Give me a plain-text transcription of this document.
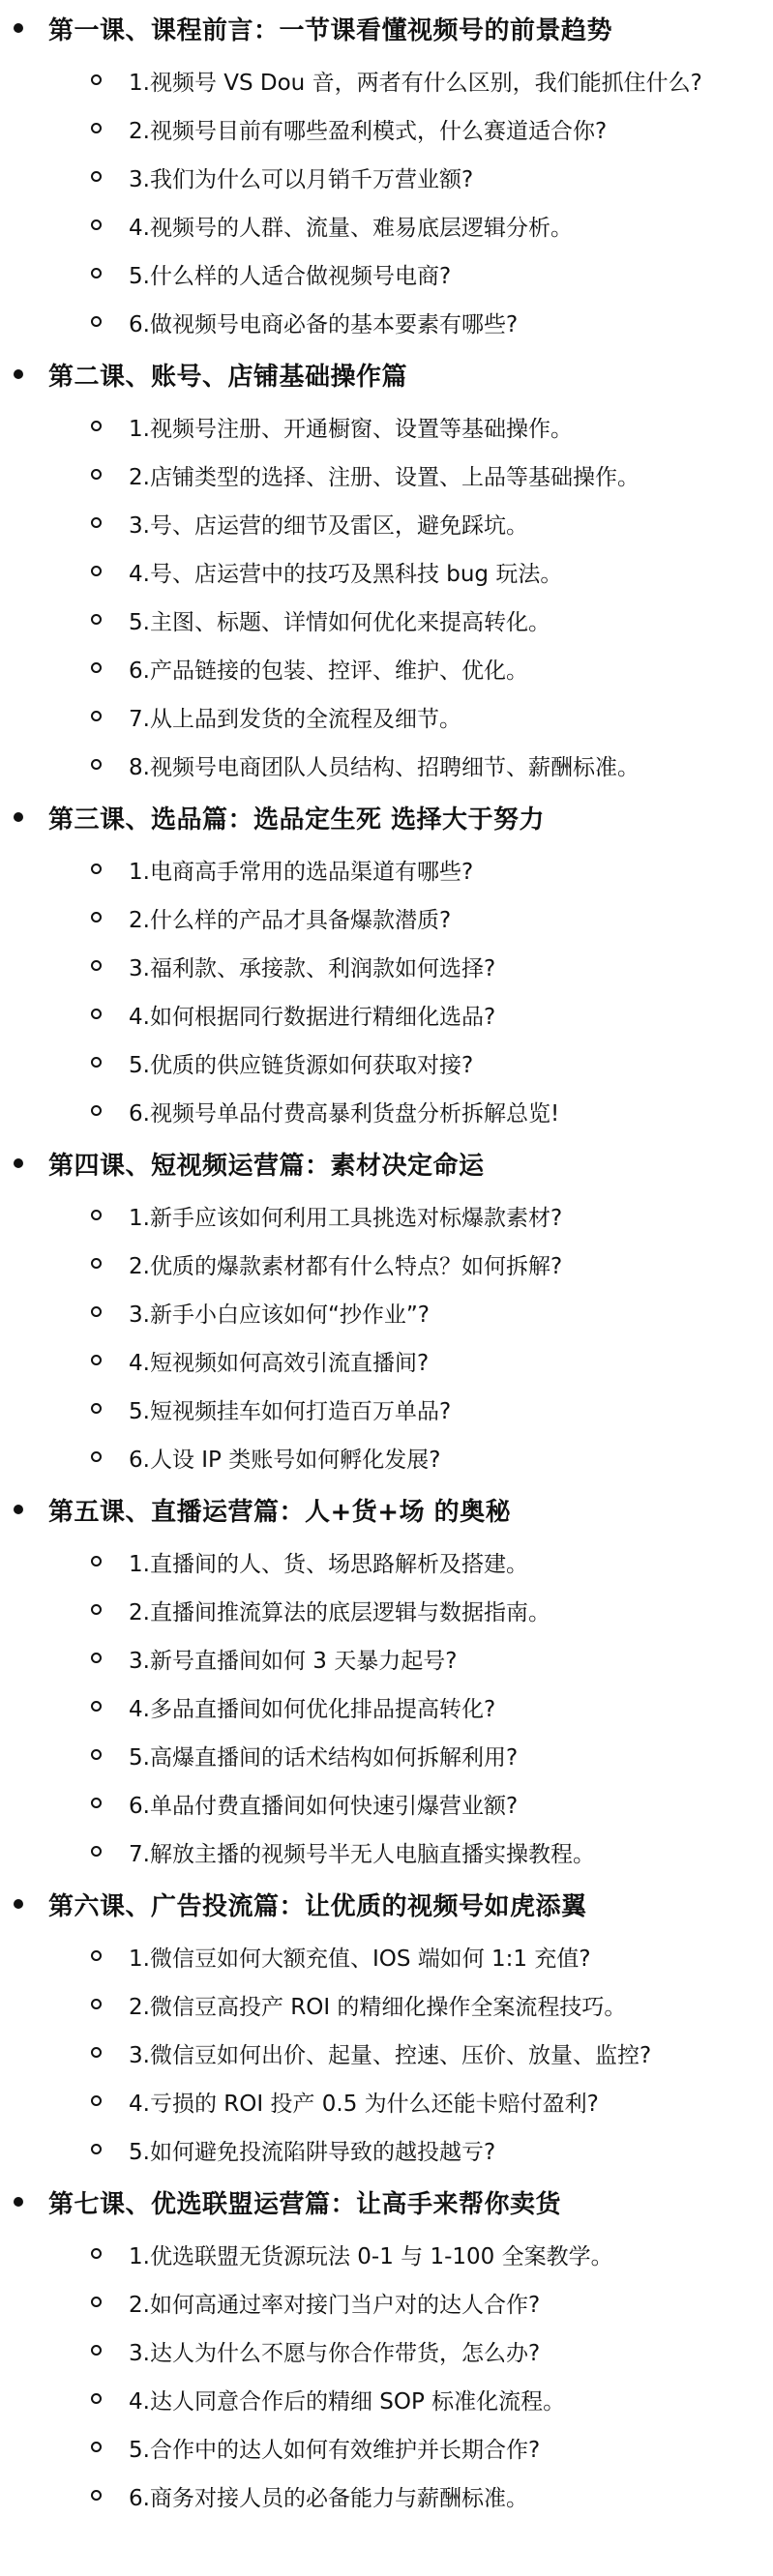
第一课、课程前言：一节课看懂视频号的前景趋势
1.视频号 VS Dou 音，两者有什么区别，我们能抓住什么?
2.视频号目前有哪些盈利模式，什么赛道适合你?
3.我们为什么可以月销千万营业额?
4.视频号的人群、流量、难易底层逻辑分析。
5.什么样的人适合做视频号电商?
6.做视频号电商必备的基本要素有哪些?
第二课、账号、店铺基础操作篇
1.视频号注册、开通橱窗、设置等基础操作。
2.店铺类型的选择、注册、设置、上品等基础操作。
3.号、店运营的细节及雷区，避免踩坑。
4.号、店运营中的技巧及黑科技 bug 玩法。
5.主图、标题、详情如何优化来提高转化。
6.产品链接的包装、控评、维护、优化。
7.从上品到发货的全流程及细节。
8.视频号电商团队人员结构、招聘细节、薪酬标准。
第三课、选品篇：选品定生死 选择大于努力
1.电商高手常用的选品渠道有哪些?
2.什么样的产品才具备爆款潜质?
3.福利款、承接款、利润款如何选择?
4.如何根据同行数据进行精细化选品?
5.优质的供应链货源如何获取对接?
6.视频号单品付费高暴利货盘分析拆解总览!
第四课、短视频运营篇：素材决定命运
1.新手应该如何利用工具挑选对标爆款素材?
2.优质的爆款素材都有什么特点？如何拆解?
3.新手小白应该如何“抄作业”?
4.短视频如何高效引流直播间?
5.短视频挂车如何打造百万单品?
6.人设 IP 类账号如何孵化发展?
第五课、直播运营篇：人+货+场 的奥秘
1.直播间的人、货、场思路解析及搭建。
2.直播间推流算法的底层逻辑与数据指南。
3.新号直播间如何 3 天暴力起号?
4.多品直播间如何优化排品提高转化?
5.高爆直播间的话术结构如何拆解利用?
6.单品付费直播间如何快速引爆营业额?
7.解放主播的视频号半无人电脑直播实操教程。
第六课、广告投流篇：让优质的视频号如虎添翼
1.微信豆如何大额充值、IOS 端如何 1:1 充值?
2.微信豆高投产 ROI 的精细化操作全案流程技巧。
3.微信豆如何出价、起量、控速、压价、放量、监控?
4.亏损的 ROI 投产 0.5 为什么还能卡赔付盈利?
5.如何避免投流陷阱导致的越投越亏?
第七课、优选联盟运营篇：让高手来帮你卖货
1.优选联盟无货源玩法 0-1 与 1-100 全案教学。
2.如何高通过率对接门当户对的达人合作?
3.达人为什么不愿与你合作带货，怎么办?
4.达人同意合作后的精细 SOP 标准化流程。
5.合作中的达人如何有效维护并长期合作?
6.商务对接人员的必备能力与薪酬标准。
